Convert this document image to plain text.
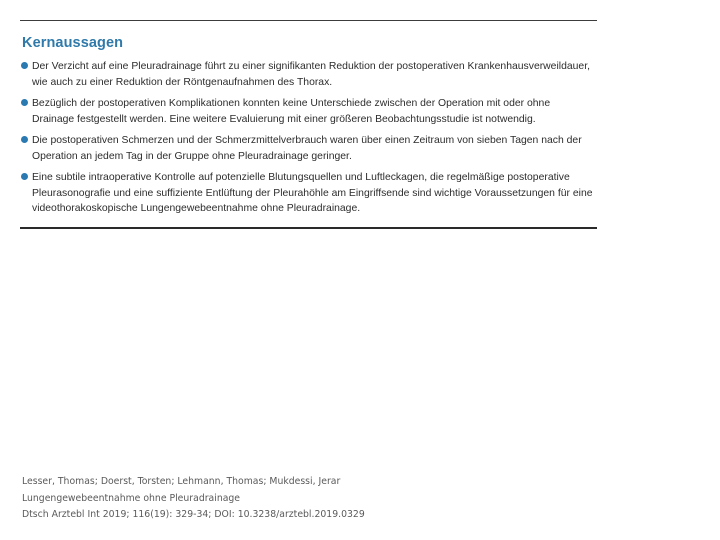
Kernaussagen
Der Verzicht auf eine Pleuradrainage führt zu einer signifikanten Reduktion der postoperativen Krankenhausverweildauer, wie auch zu einer Reduktion der Röntgenaufnahmen des Thorax.
Bezüglich der postoperativen Komplikationen konnten keine Unterschiede zwischen der Operation mit oder ohne Drainage festgestellt werden. Eine weitere Evaluierung mit einer größeren Beobachtungsstudie ist notwendig.
Die postoperativen Schmerzen und der Schmerzmittelverbrauch waren über einen Zeitraum von sieben Tagen nach der Operation an jedem Tag in der Gruppe ohne Pleuradrainage geringer.
Eine subtile intraoperative Kontrolle auf potenzielle Blutungsquellen und Luftleckagen, die regelmäßige postoperative Pleurasonografie und eine suffiziente Entlüftung der Pleurahöhle am Eingriffsende sind wichtige Voraussetzungen für eine videothorakoskopische Lungengewebeentnahme ohne Pleuradrainage.
Lesser, Thomas; Doerst, Torsten; Lehmann, Thomas; Mukdessi, Jerar
Lungengewebeentnahme ohne Pleuradrainage
Dtsch Arztebl Int 2019; 116(19): 329-34; DOI: 10.3238/arztebl.2019.0329
